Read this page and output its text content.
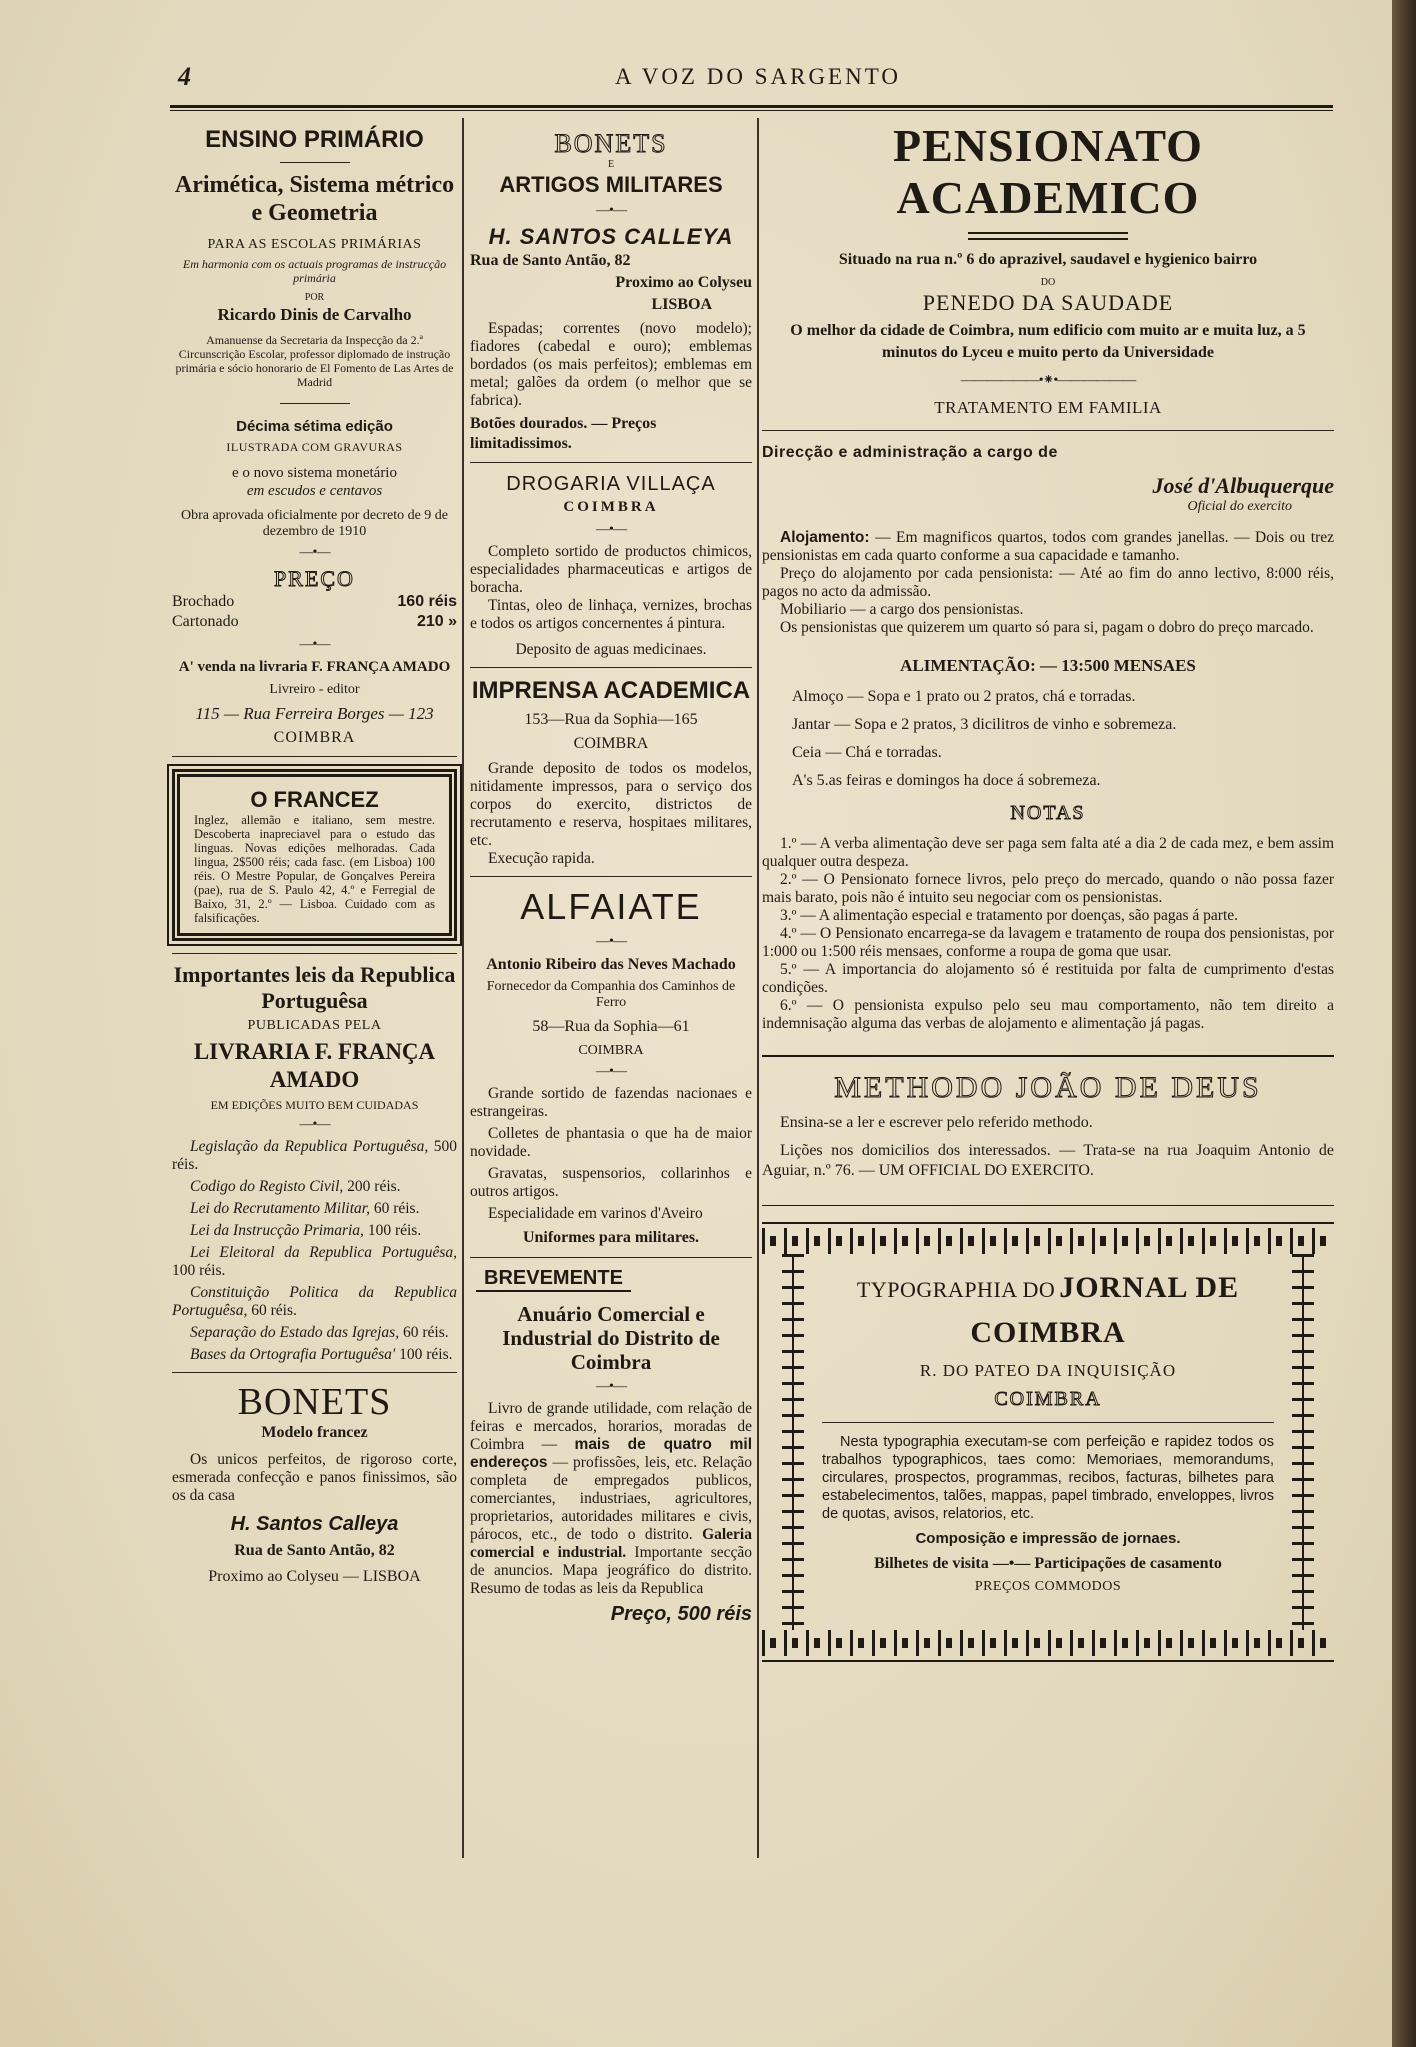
4	A VOZ DO SARGENTO
ENSINO PRIMÁRIO
Arimética, Sistema métrico e Geometria
PARA AS ESCOLAS PRIMÁRIAS
Em harmonia com os actuais programas de instrucção primária
POR
Ricardo Dinis de Carvalho
Amanuense da Secretaria da Inspecção da 2.ª Circunscrição Escolar, professor diplomado de instrução primária e sócio honorario de El Fomento de Las Artes de Madrid
Décima sétima edição
ILUSTRADA COM GRAVURAS
e o novo sistema monetário
em escudos e centavos
Obra aprovada oficialmente por decreto de 9 de dezembro de 1910
—•—
PREÇO
Brochado	160 réis
Cartonado	210 »
—•—
A' venda na livraria F. FRANÇA AMADO
Livreiro - editor
115 — Rua Ferreira Borges — 123
COIMBRA
O FRANCEZ
Inglez, allemão e italiano, sem mestre. Descoberta inapreciavel para o estudo das linguas. Novas edições melhoradas. Cada lingua, 2$500 réis; cada fasc. (em Lisboa) 100 réis. O Mestre Popular, de Gonçalves Pereira (pae), rua de S. Paulo 42, 4.º e Ferregial de Baixo, 31, 2.º — Lisboa. Cuidado com as falsificações.
Importantes leis da Republica Portuguêsa
PUBLICADAS PELA
LIVRARIA F. FRANÇA AMADO
EM EDIÇÕES MUITO BEM CUIDADAS
—•—
Legislação da Republica Portuguêsa, 500 réis.
Codigo do Registo Civil, 200 réis.
Lei do Recrutamento Militar, 60 réis.
Lei da Instrucção Primaria, 100 réis.
Lei Eleitoral da Republica Portuguêsa, 100 réis.
Constituição Politica da Republica Portuguêsa, 60 réis.
Separação do Estado das Igrejas, 60 réis.
Bases da Ortografia Portuguêsa' 100 réis.
BONETS
Modelo francez
Os unicos perfeitos, de rigoroso corte, esmerada confecção e panos finissimos, são os da casa
H. Santos Calleya
Rua de Santo Antão, 82
Proximo ao Colyseu — LISBOA
BONETS
E
ARTIGOS MILITARES
—•—
H. SANTOS CALLEYA
Rua de Santo Antão, 82
Proximo ao Colyseu
LISBOA
Espadas; correntes (novo modelo); fiadores (cabedal e ouro); emblemas bordados (os mais perfeitos); emblemas em metal; galões da ordem (o melhor que se fabrica).
Botões dourados. — Preços limitadissimos.
DROGARIA VILLAÇA
COIMBRA
—•—
Completo sortido de productos chimicos, especialidades pharmaceuticas e artigos de boracha.
Tintas, oleo de linhaça, vernizes, brochas e todos os artigos concernentes á pintura.
Deposito de aguas medicinaes.
IMPRENSA ACADEMICA
153—Rua da Sophia—165
COIMBRA
Grande deposito de todos os modelos, nitidamente impressos, para o serviço dos corpos do exercito, districtos de recrutamento e reserva, hospitaes militares, etc.
Execução rapida.
ALFAIATE
—•—
Antonio Ribeiro das Neves Machado
Fornecedor da Companhia dos Caminhos de Ferro
58—Rua da Sophia—61
COIMBRA
—•—
Grande sortido de fazendas nacionaes e estrangeiras.
Colletes de phantasia o que ha de maior novidade.
Gravatas, suspensorios, collarinhos e outros artigos.
Especialidade em varinos d'Aveiro
Uniformes para militares.
BREVEMENTE
Anuário Comercial e Industrial do Distrito de Coimbra
—•—
Livro de grande utilidade, com relação de feiras e mercados, horarios, moradas de Coimbra — mais de quatro mil endereços — profissões, leis, etc. Relação completa de empregados publicos, comerciantes, industriaes, agricultores, proprietarios, autoridades militares e civis, párocos, etc., de todo o distrito. Galeria comercial e industrial. Importante secção de anuncios. Mapa jeográfico do distrito. Resumo de todas as leis da Republica
Preço, 500 réis
PENSIONATO ACADEMICO
Situado na rua n.º 6 do aprazivel, saudavel e hygienico bairro
DO
PENEDO DA SAUDADE
O melhor da cidade de Coimbra, num edificio com muito ar e muita luz, a 5 minutos do Lyceu e muito perto da Universidade
——————•⁕•——————
TRATAMENTO EM FAMILIA
Direcção e administração a cargo de
José d'Albuquerque
Oficial do exercito
Alojamento: — Em magnificos quartos, todos com grandes janellas. — Dois ou trez pensionistas em cada quarto conforme a sua capacidade e tamanho.
Preço do alojamento por cada pensionista: — Até ao fim do anno lectivo, 8:000 réis, pagos no acto da admissão.
Mobiliario — a cargo dos pensionistas.
Os pensionistas que quizerem um quarto só para si, pagam o dobro do preço marcado.
ALIMENTAÇÃO: — 13:500 MENSAES
Almoço — Sopa e 1 prato ou 2 pratos, chá e torradas.
Jantar — Sopa e 2 pratos, 3 dicilitros de vinho e sobremeza.
Ceia — Chá e torradas.
A's 5.as feiras e domingos ha doce á sobremeza.
NOTAS
1.º — A verba alimentação deve ser paga sem falta até a dia 2 de cada mez, e bem assim qualquer outra despeza.
2.º — O Pensionato fornece livros, pelo preço do mercado, quando o não possa fazer mais barato, pois não é intuito seu negociar com os pensionistas.
3.º — A alimentação especial e tratamento por doenças, são pagas á parte.
4.º — O Pensionato encarrega-se da lavagem e tratamento de roupa dos pensionistas, por 1:000 ou 1:500 réis mensaes, conforme a roupa de goma que usar.
5.º — A importancia do alojamento só é restituida por falta de cumprimento d'estas condições.
6.º — O pensionista expulso pelo seu mau comportamento, não tem direito a indemnisação alguma das verbas de alojamento e alimentação já pagas.
METHODO JOÃO DE DEUS
Ensina-se a ler e escrever pelo referido methodo.
Lições nos domicilios dos interessados. — Trata-se na rua Joaquim Antonio de Aguiar, n.º 76. — UM OFFICIAL DO EXERCITO.
TYPOGRAPHIA DO JORNAL DE COIMBRA
R. DO PATEO DA INQUISIÇÃO
COIMBRA
Nesta typographia executam-se com perfeição e rapidez todos os trabalhos typographicos, taes como: Memoriaes, memorandums, circulares, prospectos, programmas, recibos, facturas, bilhetes para estabelecimentos, talões, mappas, papel timbrado, enveloppes, livros de quotas, avisos, relatorios, etc.
Composição e impressão de jornaes.
Bilhetes de visita —•— Participações de casamento
PREÇOS COMMODOS
